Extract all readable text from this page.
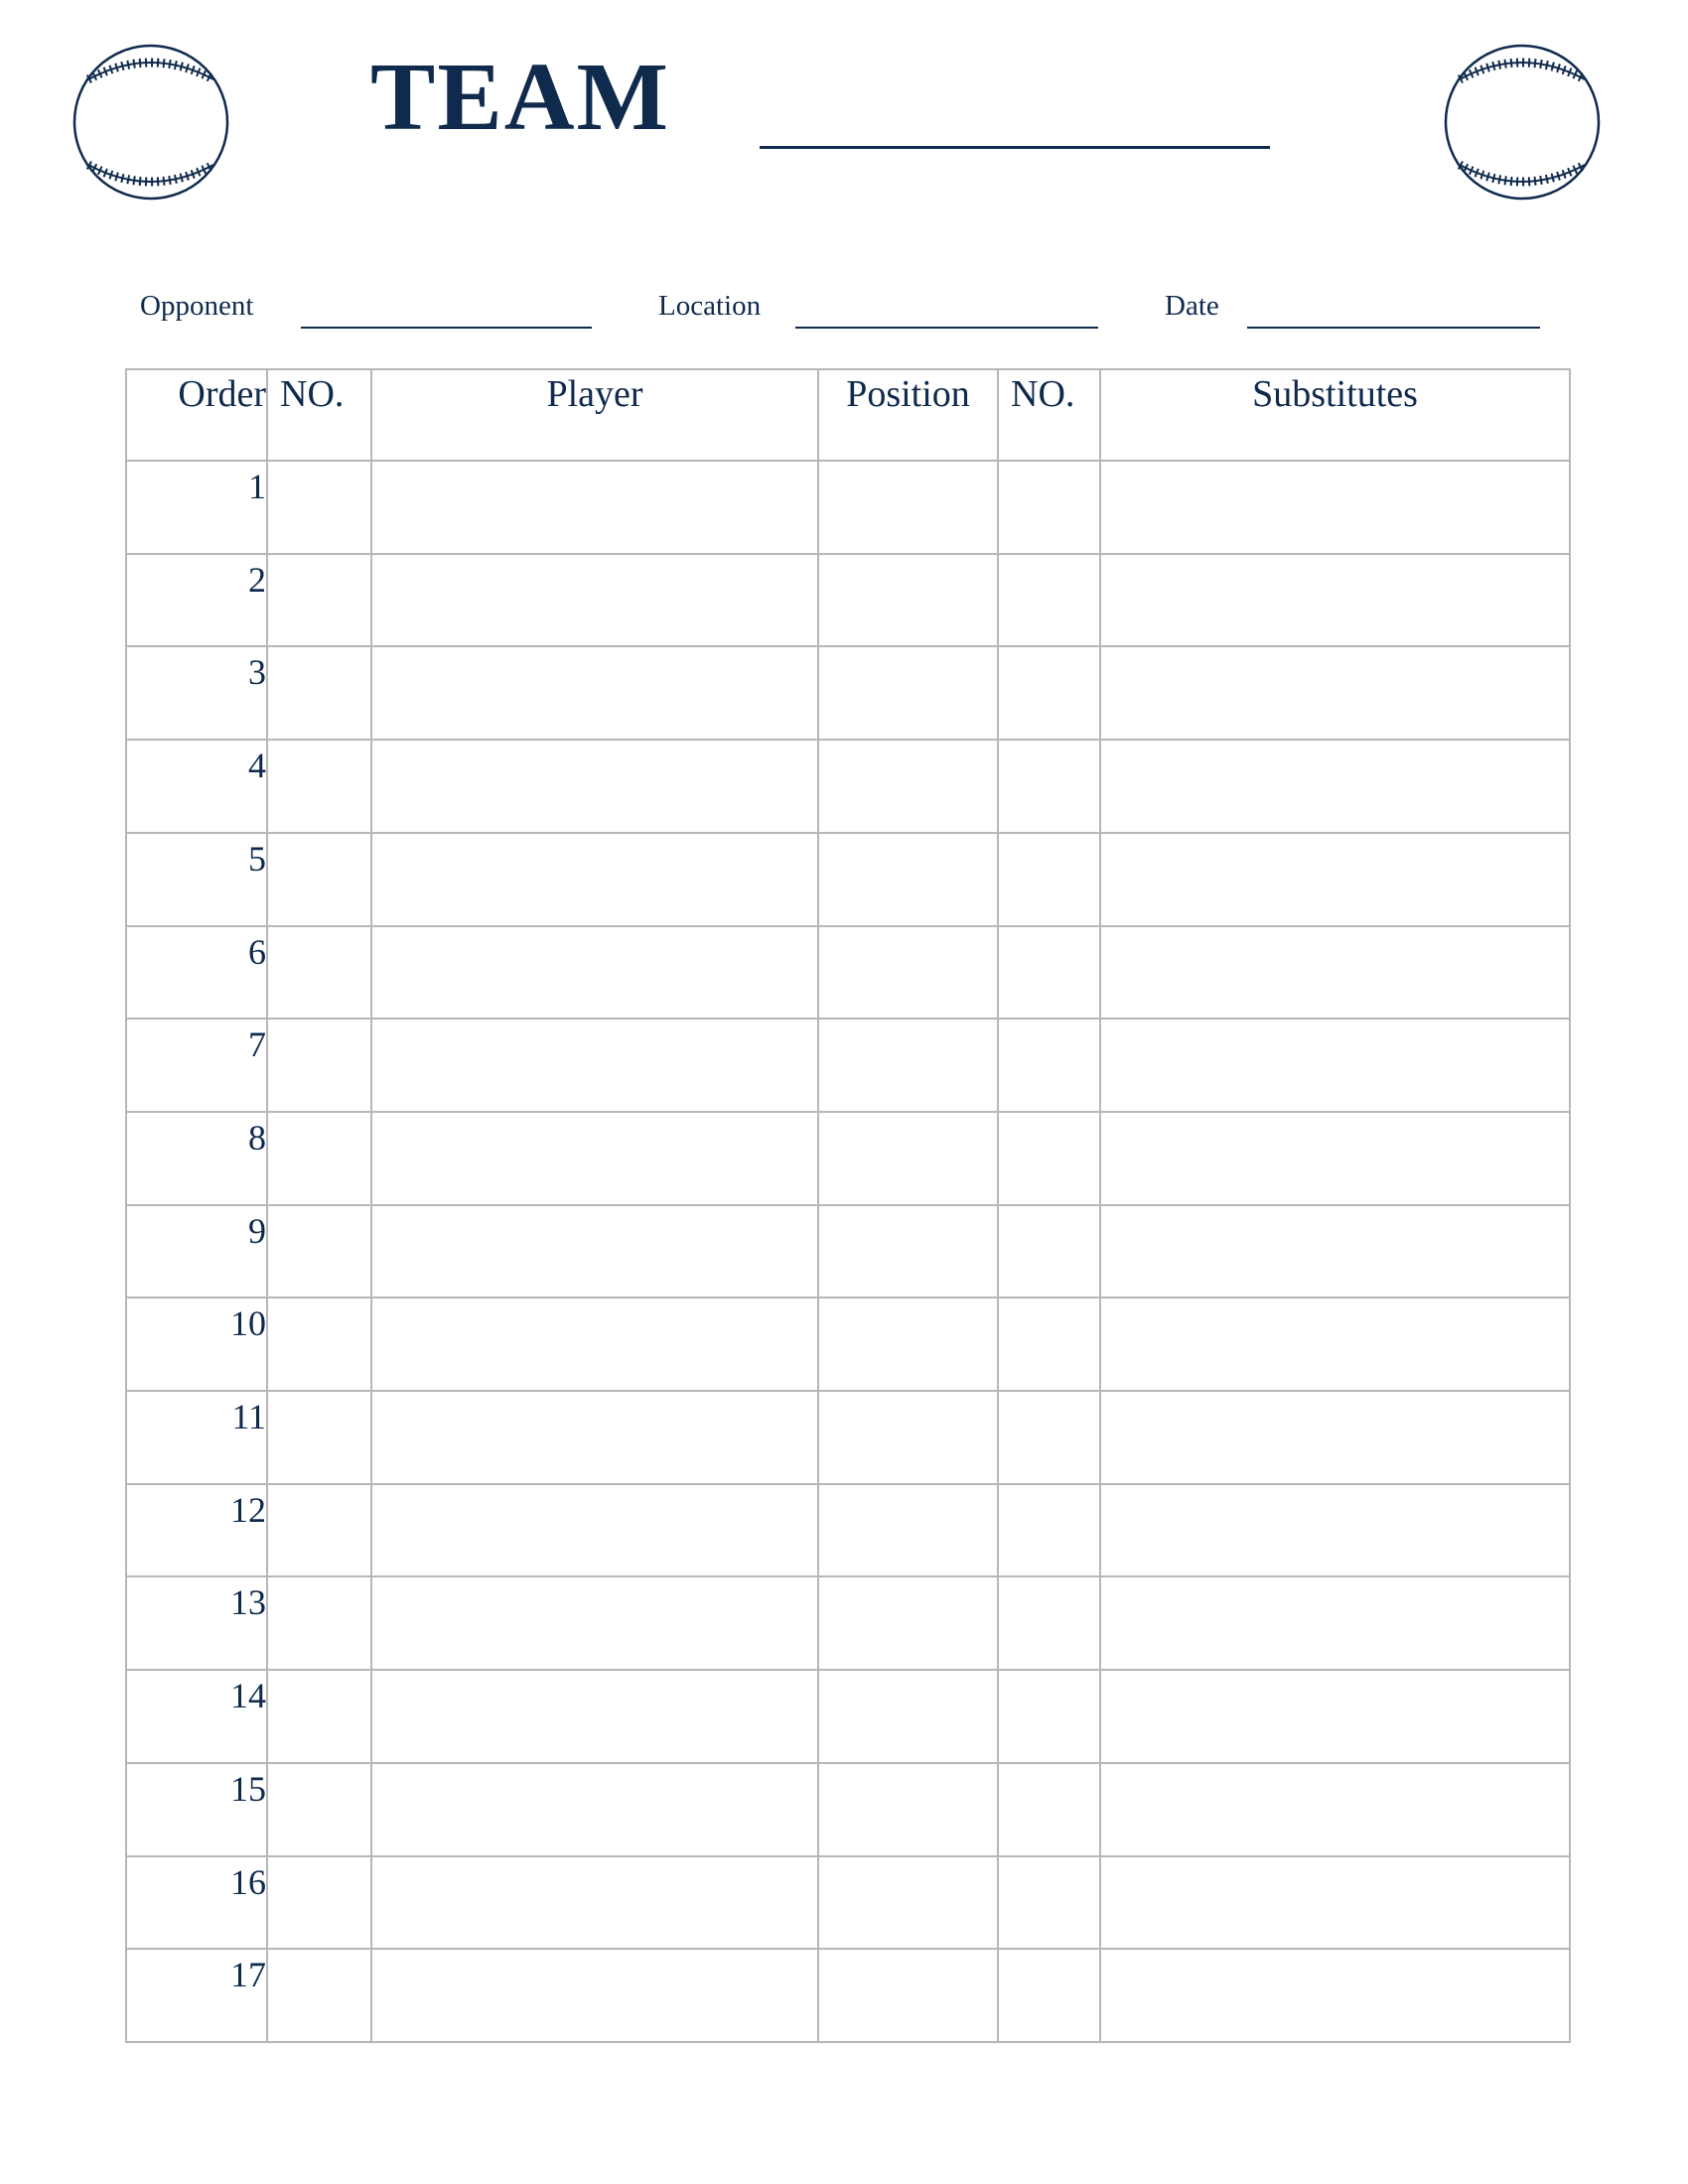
TEAM
Opponent	Location	Date
Order	NO.	Player	Position	NO.	Substitutes
1					
2					
3					
4					
5					
6					
7					
8					
9					
10					
11					
12					
13					
14					
15					
16					
17					
